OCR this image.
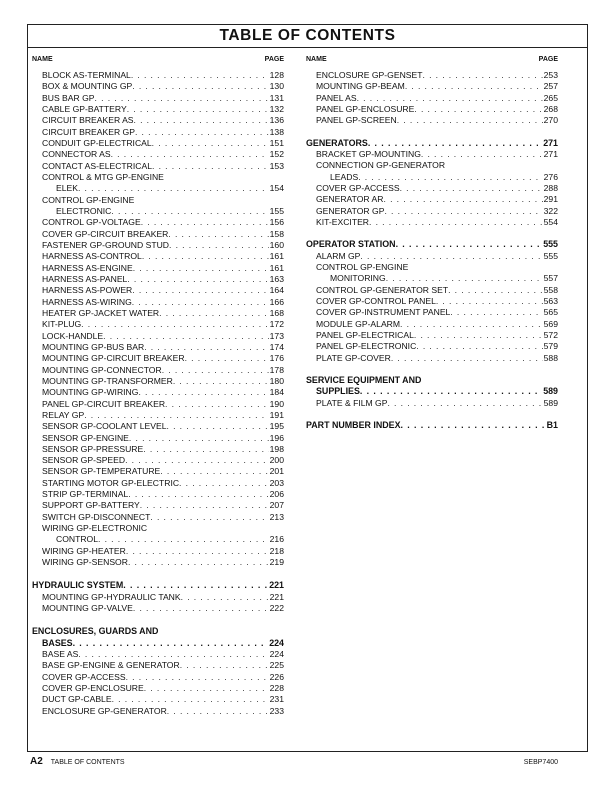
TABLE OF CONTENTS
NAME	PAGE
BLOCK AS-TERMINAL . . .	128
BOX & MOUNTING GP . . .	130
BUS BAR GP . . .	131
CABLE GP-BATTERY . . .	132
CIRCUIT BREAKER AS . . .	136
CIRCUIT BREAKER GP . . .	138
CONDUIT GP-ELECTRICAL . . .	151
CONNECTOR AS . . .	152
CONTACT AS-ELECTRICAL . . .	153
CONTROL & MTG GP-ENGINE
ELEK . . .	154
CONTROL GP-ENGINE
ELECTRONIC . . .	155
CONTROL GP-VOLTAGE . . .	156
COVER GP-CIRCUIT BREAKER . . .	158
FASTENER GP-GROUND STUD . . .	160
HARNESS AS-CONTROL . . .	161
HARNESS AS-ENGINE . . .	161
HARNESS AS-PANEL . . .	163
HARNESS AS-POWER . . .	164
HARNESS AS-WIRING . . .	166
HEATER GP-JACKET WATER . . .	168
KIT-PLUG . . .	172
LOCK-HANDLE . . .	173
MOUNTING GP-BUS BAR . . .	174
MOUNTING GP-CIRCUIT BREAKER . . .	176
MOUNTING GP-CONNECTOR . . .	178
MOUNTING GP-TRANSFORMER . . .	180
MOUNTING GP-WIRING . . .	184
PANEL GP-CIRCUIT BREAKER . . .	190
RELAY GP . . .	191
SENSOR GP-COOLANT LEVEL . . .	195
SENSOR GP-ENGINE . . .	196
SENSOR GP-PRESSURE . . .	198
SENSOR GP-SPEED . . .	200
SENSOR GP-TEMPERATURE . . .	201
STARTING MOTOR GP-ELECTRIC . . .	203
STRIP GP-TERMINAL . . .	206
SUPPORT GP-BATTERY . . .	207
SWITCH GP-DISCONNECT . . .	213
WIRING GP-ELECTRONIC
CONTROL . . .	216
WIRING GP-HEATER . . .	218
WIRING GP-SENSOR . . .	219
HYDRAULIC SYSTEM . . .	221
MOUNTING GP-HYDRAULIC TANK . . .	221
MOUNTING GP-VALVE . . .	222
ENCLOSURES, GUARDS AND
BASES . . .	224
BASE AS . . .	224
BASE GP-ENGINE & GENERATOR . . .	225
COVER GP-ACCESS . . .	226
COVER GP-ENCLOSURE . . .	228
DUCT GP-CABLE . . .	231
ENCLOSURE GP-GENERATOR . . .	233
NAME	PAGE
ENCLOSURE GP-GENSET . . .	253
MOUNTING GP-BEAM . . .	257
PANEL AS . . .	265
PANEL GP-ENCLOSURE . . .	268
PANEL GP-SCREEN . . .	270
GENERATORS . . .	271
BRACKET GP-MOUNTING . . .	271
CONNECTION GP-GENERATOR
LEADS . . .	276
COVER GP-ACCESS . . .	288
GENERATOR AR . . .	291
GENERATOR GP . . .	322
KIT-EXCITER . . .	554
OPERATOR STATION . . .	555
ALARM GP . . .	555
CONTROL GP-ENGINE
MONITORING . . .	557
CONTROL GP-GENERATOR SET . . .	558
COVER GP-CONTROL PANEL . . .	563
COVER GP-INSTRUMENT PANEL . . .	565
MODULE GP-ALARM . . .	569
PANEL GP-ELECTRICAL . . .	572
PANEL GP-ELECTRONIC . . .	579
PLATE GP-COVER . . .	588
SERVICE EQUIPMENT AND
SUPPLIES . . .	589
PLATE & FILM GP . . .	589
PART NUMBER INDEX . . .	B1
A2 TABLE OF CONTENTS	SEBP7400
